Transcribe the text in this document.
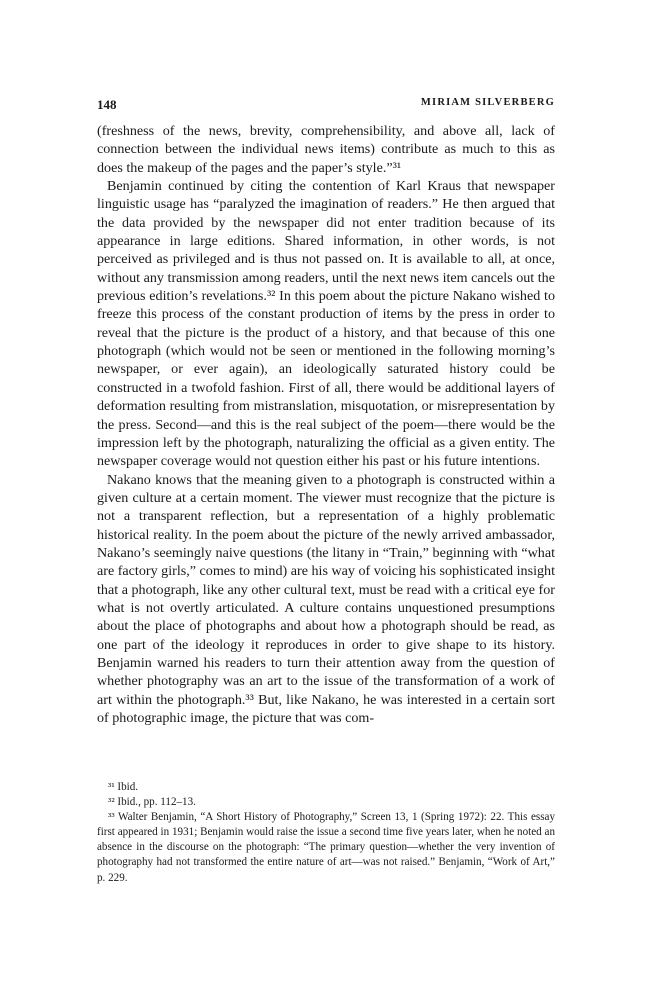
148	MIRIAM SILVERBERG

(freshness of the news, brevity, comprehensibility, and above all, lack of connection between the individual news items) contribute as much to this as does the makeup of the pages and the paper’s style.”³¹

Benjamin continued by citing the contention of Karl Kraus that newspaper linguistic usage has “paralyzed the imagination of readers.” He then argued that the data provided by the newspaper did not enter tradition because of its appearance in large editions. Shared information, in other words, is not perceived as privileged and is thus not passed on. It is available to all, at once, without any transmission among readers, until the next news item cancels out the previous edition’s revelations.³² In this poem about the picture Nakano wished to freeze this process of the constant production of items by the press in order to reveal that the picture is the product of a history, and that because of this one photograph (which would not be seen or mentioned in the following morning’s newspaper, or ever again), an ideologically saturated history could be constructed in a twofold fashion. First of all, there would be additional layers of deformation resulting from mistranslation, misquotation, or misrepresentation by the press. Second—and this is the real subject of the poem—there would be the impression left by the photograph, naturalizing the official as a given entity. The newspaper coverage would not question either his past or his future intentions.

Nakano knows that the meaning given to a photograph is constructed within a given culture at a certain moment. The viewer must recognize that the picture is not a transparent reflection, but a representation of a highly problematic historical reality. In the poem about the picture of the newly arrived ambassador, Nakano’s seemingly naive questions (the litany in “Train,” beginning with “what are factory girls,” comes to mind) are his way of voicing his sophisticated insight that a photograph, like any other cultural text, must be read with a critical eye for what is not overtly articulated. A culture contains unquestioned presumptions about the place of photographs and about how a photograph should be read, as one part of the ideology it reproduces in order to give shape to its history. Benjamin warned his readers to turn their attention away from the question of whether photography was an art to the issue of the transformation of a work of art within the photograph.³³ But, like Nakano, he was interested in a certain sort of photographic image, the picture that was com-

³¹ Ibid.

³² Ibid., pp. 112–13.

³³ Walter Benjamin, “A Short History of Photography,” Screen 13, 1 (Spring 1972): 22. This essay first appeared in 1931; Benjamin would raise the issue a second time five years later, when he noted an absence in the discourse on the photograph: “The primary question—whether the very invention of photography had not transformed the entire nature of art—was not raised.” Benjamin, “Work of Art,” p. 229.
